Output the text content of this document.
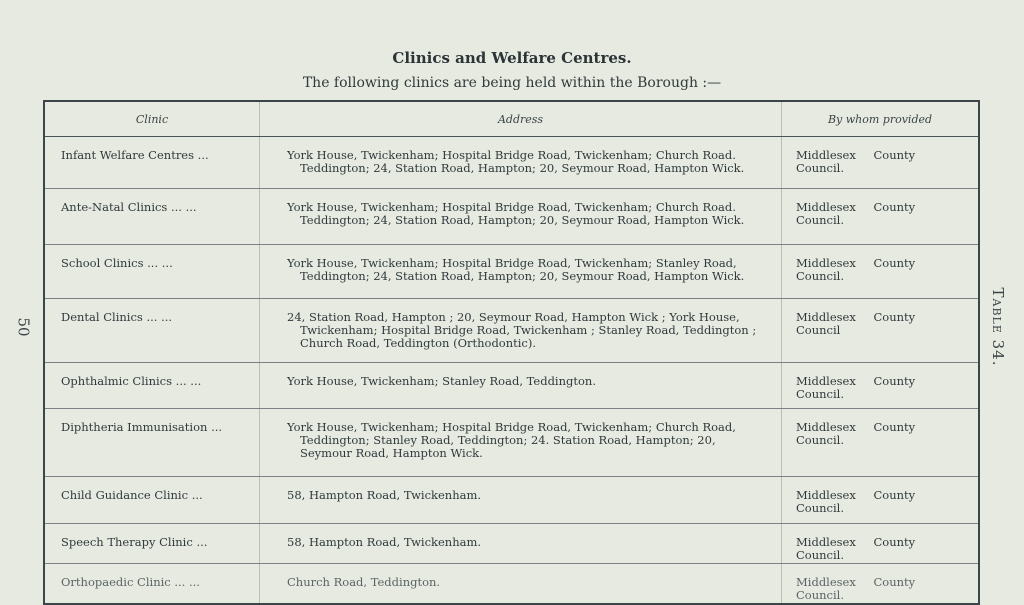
Clinics and Welfare Centres.
The following clinics are being held within the Borough :—
50	Table 34.
Clinic	Address	By whom provided
Infant Welfare Centres ...	York House, Twickenham; Hospital Bridge Road, Twickenham; Church Road. Teddington; 24, Station Road, Hampton; 20, Seymour Road, Hampton Wick.	Middlesex County Council.

Ante-Natal Clinics ... ...	York House, Twickenham; Hospital Bridge Road, Twickenham; Church Road. Teddington; 24, Station Road, Hampton; 20, Seymour Road, Hampton Wick.	Middlesex County Council.

School Clinics ... ...	York House, Twickenham; Hospital Bridge Road, Twickenham; Stanley Road, Teddington; 24, Station Road, Hampton; 20, Seymour Road, Hampton Wick.	Middlesex County Council.

Dental Clinics ... ...	24, Station Road, Hampton ; 20, Seymour Road, Hampton Wick ; York House, Twickenham; Hospital Bridge Road, Twickenham ; Stanley Road, Teddington ; Church Road, Teddington (Orthodontic).	Middlesex County Council

Ophthalmic Clinics ... ...	York House, Twickenham; Stanley Road, Teddington.	Middlesex County Council.

Diphtheria Immunisation ...	York House, Twickenham; Hospital Bridge Road, Twickenham; Church Road, Teddington; Stanley Road, Teddington; 24. Station Road, Hampton; 20, Seymour Road, Hampton Wick.	Middlesex County Council.

Child Guidance Clinic ...	58, Hampton Road, Twickenham.	Middlesex County Council.

Speech Therapy Clinic ...	58, Hampton Road, Twickenham.	Middlesex County Council.

Orthopaedic Clinic ... ...	Church Road, Teddington.	Middlesex County Council.
